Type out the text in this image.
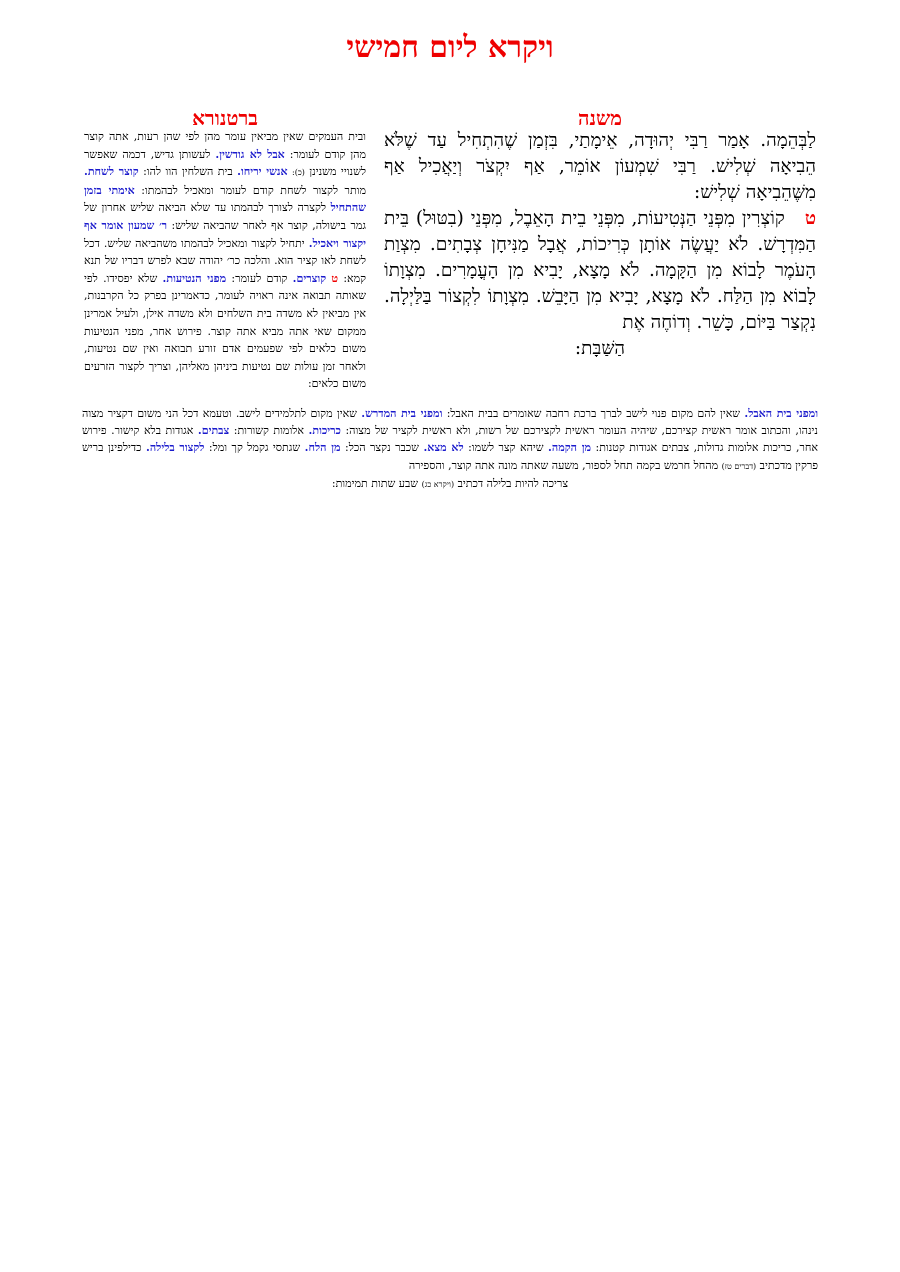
ויקרא ליום חמישי
משנה
ברטנורא
לַבְּהֵמָה. אָמַר רַבִּי יְהוּדָה, אֵימָתַי, בִּזְמַן שֶׁהִתְחִיל עַד שֶׁלֹּא הֵבִיאָה שְׁלִישׁ. רַבִּי שִׁמְעוֹן אוֹמֵר, אַף יִקְצֹר וְיַאֲכִיל אַף מִשֶּׁהֵבִיאָה שְׁלִישׁ:
טקוֹצְרִין מִפְּנֵי הַנְּטִיעוֹת, מִפְּנֵי בֵית הָאֵבֶל, מִפְּנֵי (בִטּוּל) בֵּית הַמִּדְרָשׁ. לֹא יַעֲשֶׂה אוֹתָן כְּרִיכוֹת, אֲבָל מַנִּיחָן צְבָתִים. מִצְוַת הָעֹמֶר לָבוֹא מִן הַקָּמָה. לֹא מָצָא, יָבִיא מִן הָעֳמָרִים. מִצְוָתוֹ לָבוֹא מִן הַלַּח. לֹא מָצָא, יָבִיא מִן הַיָּבֵשׁ. מִצְוָתוֹ לִקְצוֹר בַּלַּיְלָה. נִקְצַר בַּיּוֹם, כָּשֵׁר. וְדוֹחֶה אֶת
הַשַּׁבָּת:
ובית העמקים שאין מביאין עומר מהן לפי שהן רעות, אתה קוצר מהן קודם לעומר: אבל לא גודשין. לעשותן גדיש, דכמה שאפשר לשנויי משנינן (כ): אנשי יריחו. בית השלחין הוו להו: קוצר לשחת. מותר לקצור לשחת קודם לעומר ומאכיל לבהמתו: אימתי בזמן שהתחיל לקצרה לצורך לבהמתו עד שלא הביאה שליש אחרון של גמר בישולה, קוצר אף לאחר שהביאה שליש: ר׳ שמעון אומר אף יקצור ויאכיל. יתחיל לקצור ומאכיל לבהמתו משהביאה שליש. דכל לשחת לאו קציר הוא. והלכה כר׳ יהודה שבא לפרש דבריו של תנא קמא: ט קוצרים. קודם לעומר: מפני הנטיעות. שלא יפסידו. לפי שאותה תבואה אינה ראויה לעומר, כדאמרינן בפרק כל הקרבנות, אין מביאין לא משדה בית השלחים ולא משדה אילן, ולעיל אמרינן ממקום שאי אתה מביא אתה קוצר. פירוש אחר, מפני הנטיעות משום כלאים לפי שפעמים אדם זורע תבואה ואין שם נטיעות, ולאחר זמן עולות שם נטיעות ביניהן מאליהן, וצריך לקצור הזרעים משום כלאים:
ומפני בית האבל. שאין להם מקום פנוי לישב לברך ברכת רחבה שאומרים בבית האבל: ומפני בית המדרש. שאין מקום לתלמידים לישב. וטעמא דכל הני משום דקציר מצוה נינהו, והכתוב אומר ראשית קצירכם, שיהיה העומר ראשית לקצירכם של רשות, ולא ראשית לקציר של מצוה: כריכות. אלומות קשורות: צבתים. אגודות בלא קישור. פירוש אחר, כריכות אלומות גדולות, צבתים אגודות קטנות: מן הקמה. שיהא קצר לשמו: לא מצא. שכבר נקצר הכל: מן הלח. שגתסי גקמל קך ומל: לקצור בלילה. כדילפינן בריש פרקין מדכתיב (דברים טז) מהחל חרמש בקמה תחל לספור, משעה שאתה מונה אתה קוצר, והספירה
צריכה להיות בלילה דכתיב (ויקרא כג) שבע שתות תמימות:
